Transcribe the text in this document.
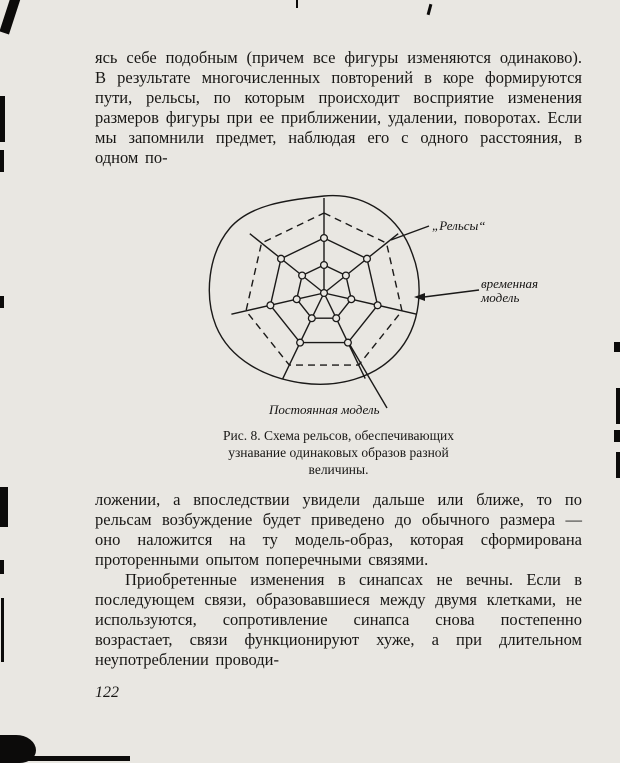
ясь себе подобным (причем все фигуры изменяются одинаково). В результате многочисленных повторений в коре формируются пути, рельсы, по которым происходит восприятие изменения размеров фигуры при ее приближении, удалении, поворотах. Если мы запомнили предмет, наблюдая его с одного расстояния, в одном по-

„Рельсы“
временная
модель
Постоянная модель
Рис. 8. Схема рельсов, обеспечивающих
узнавание одинаковых образов разной
величины.

ложении, а впоследствии увидели дальше или ближе, то по рельсам возбуждение будет приведено до обычного размера — оно наложится на ту модель-образ, которая сформирована проторенными опытом поперечными связями.

Приобретенные изменения в синапсах не вечны. Если в последующем связи, образовавшиеся между двумя клетками, не используются, сопротивление синапса снова постепенно возрастает, связи функционируют хуже, а при длительном неупотреблении проводи-

122
